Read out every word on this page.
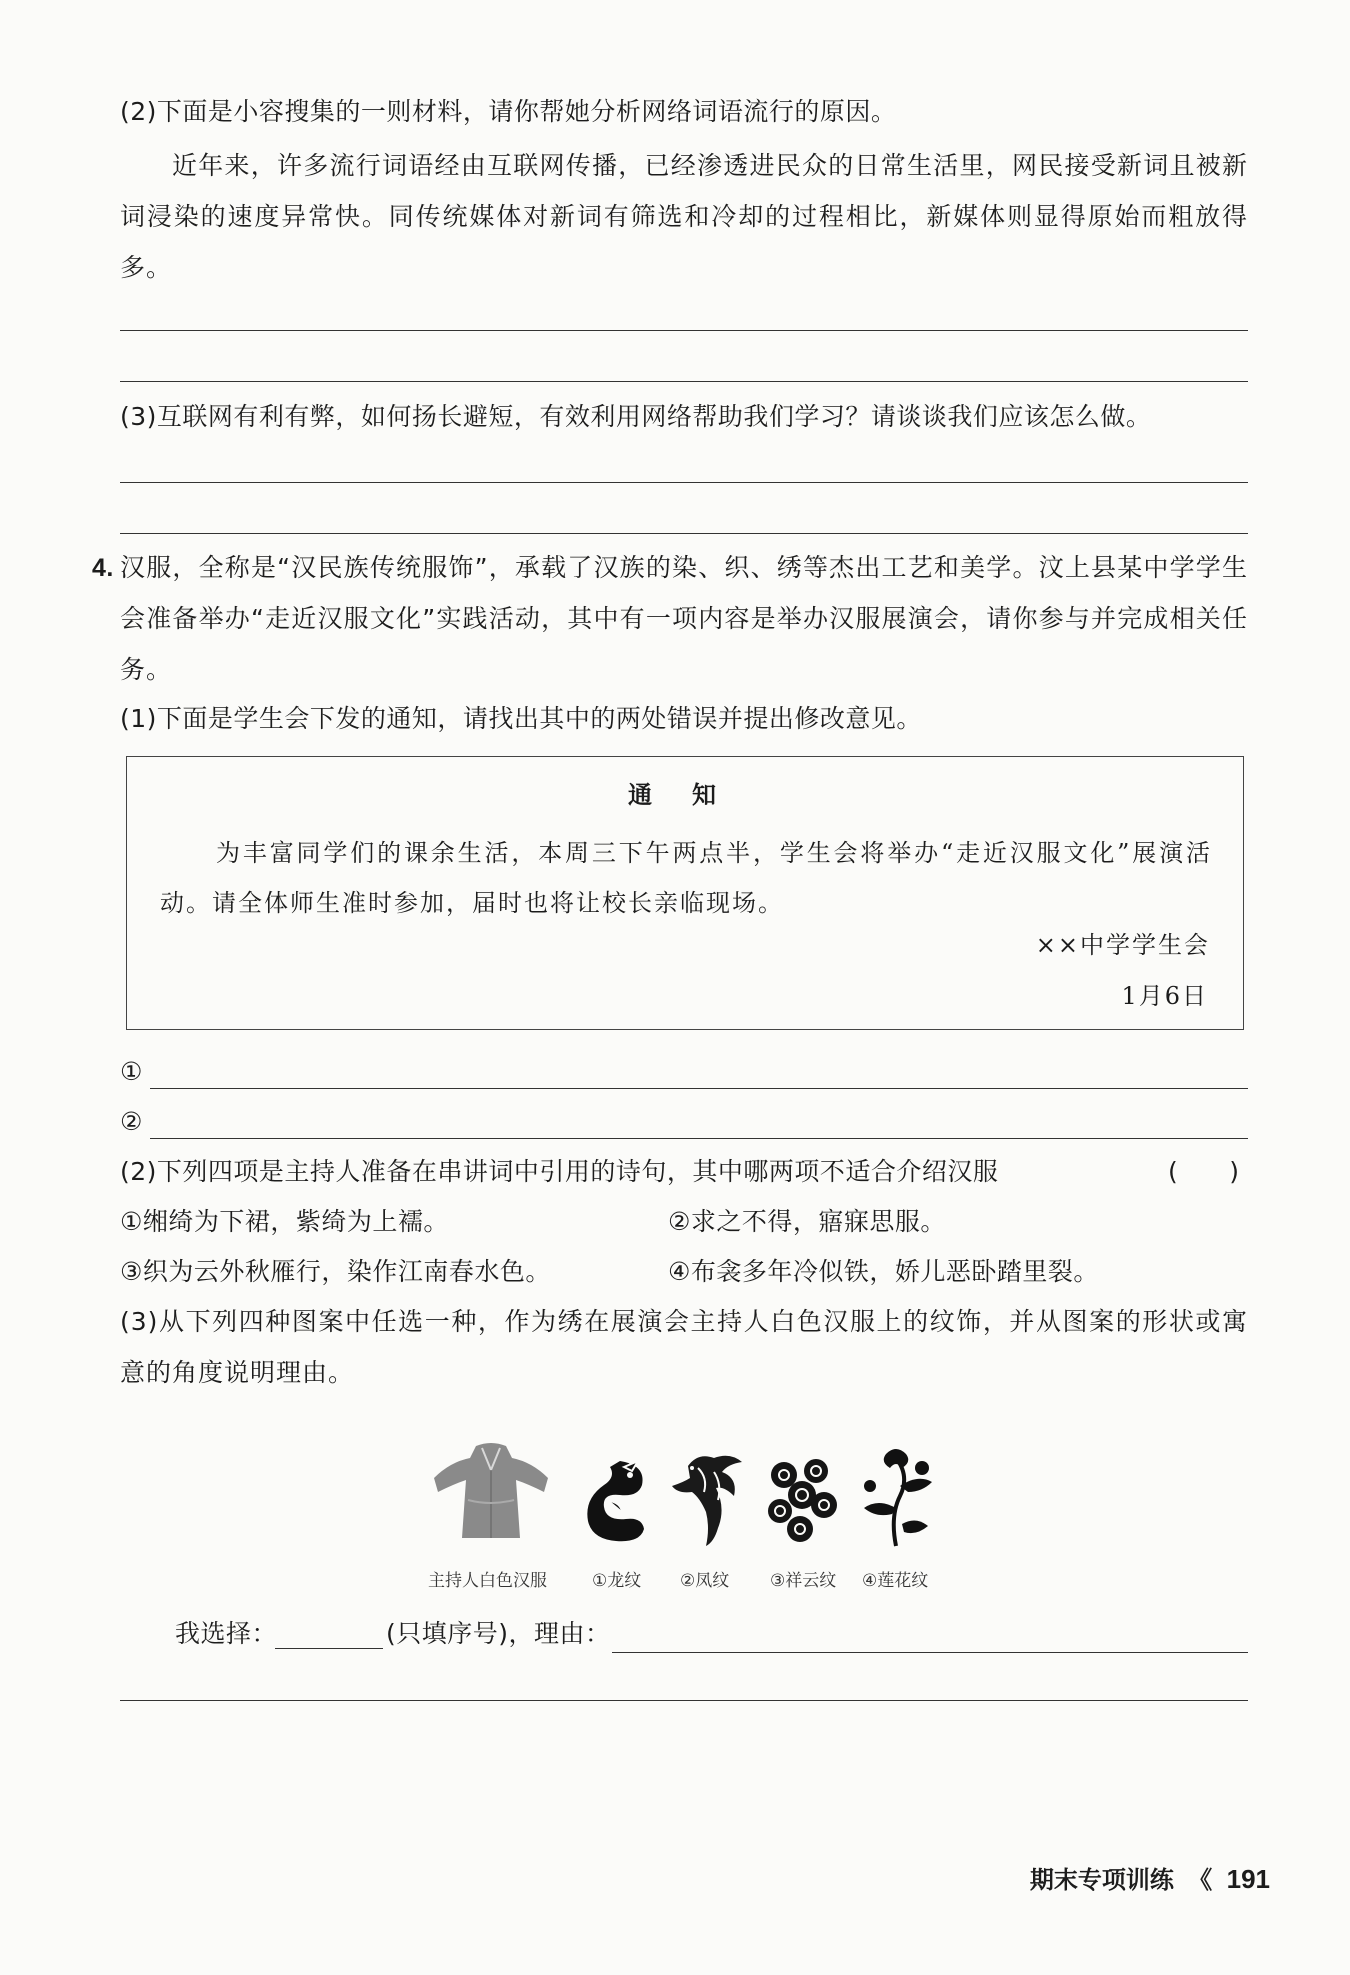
(2)下面是小容搜集的一则材料，请你帮她分析网络词语流行的原因。
近年来，许多流行词语经由互联网传播，已经渗透进民众的日常生活里，网民接受新词且被新词浸染的速度异常快。同传统媒体对新词有筛选和冷却的过程相比，新媒体则显得原始而粗放得多。
(3)互联网有利有弊，如何扬长避短，有效利用网络帮助我们学习？请谈谈我们应该怎么做。
4. 汉服，全称是“汉民族传统服饰”，承载了汉族的染、织、绣等杰出工艺和美学。汶上县某中学学生会准备举办“走近汉服文化”实践活动，其中有一项内容是举办汉服展演会，请你参与并完成相关任务。
(1)下面是学生会下发的通知，请找出其中的两处错误并提出修改意见。
通　知
为丰富同学们的课余生活，本周三下午两点半，学生会将举办“走近汉服文化”展演活动。请全体师生准时参加，届时也将让校长亲临现场。
××中学学生会
1月6日
①
②
(2)下列四项是主持人准备在串讲词中引用的诗句，其中哪两项不适合介绍汉服	(　　)
①缃绮为下裙，紫绮为上襦。	②求之不得，寤寐思服。
③织为云外秋雁行，染作江南春水色。	④布衾多年冷似铁，娇儿恶卧踏里裂。
(3)从下列四种图案中任选一种，作为绣在展演会主持人白色汉服上的纹饰，并从图案的形状或寓意的角度说明理由。
主持人白色汉服	①龙纹 ②凤纹 ③祥云纹 ④莲花纹
我选择：	(只填序号)，理由：
期末专项训练 《 191
